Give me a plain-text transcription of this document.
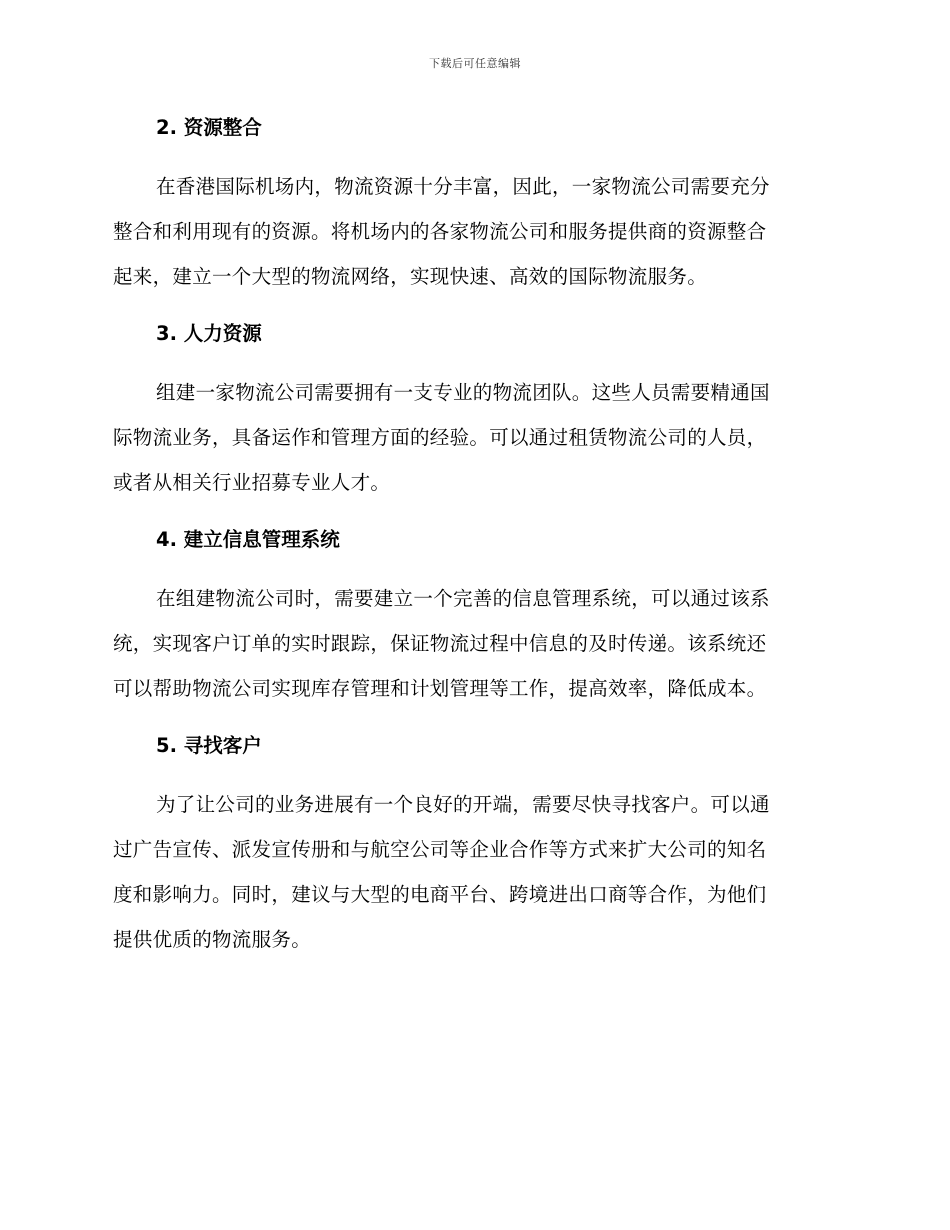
下载后可任意编辑
2. 资源整合
在香港国际机场内，物流资源十分丰富，因此，一家物流公司需要充分
整合和利用现有的资源。将机场内的各家物流公司和服务提供商的资源整合
起来，建立一个大型的物流网络，实现快速、高效的国际物流服务。
3. 人力资源
组建一家物流公司需要拥有一支专业的物流团队。这些人员需要精通国
际物流业务，具备运作和管理方面的经验。可以通过租赁物流公司的人员，
或者从相关行业招募专业人才。
4. 建立信息管理系统
在组建物流公司时，需要建立一个完善的信息管理系统，可以通过该系
统，实现客户订单的实时跟踪，保证物流过程中信息的及时传递。该系统还
可以帮助物流公司实现库存管理和计划管理等工作，提高效率，降低成本。
5. 寻找客户
为了让公司的业务进展有一个良好的开端，需要尽快寻找客户。可以通
过广告宣传、派发宣传册和与航空公司等企业合作等方式来扩大公司的知名
度和影响力。同时，建议与大型的电商平台、跨境进出口商等合作，为他们
提供优质的物流服务。
